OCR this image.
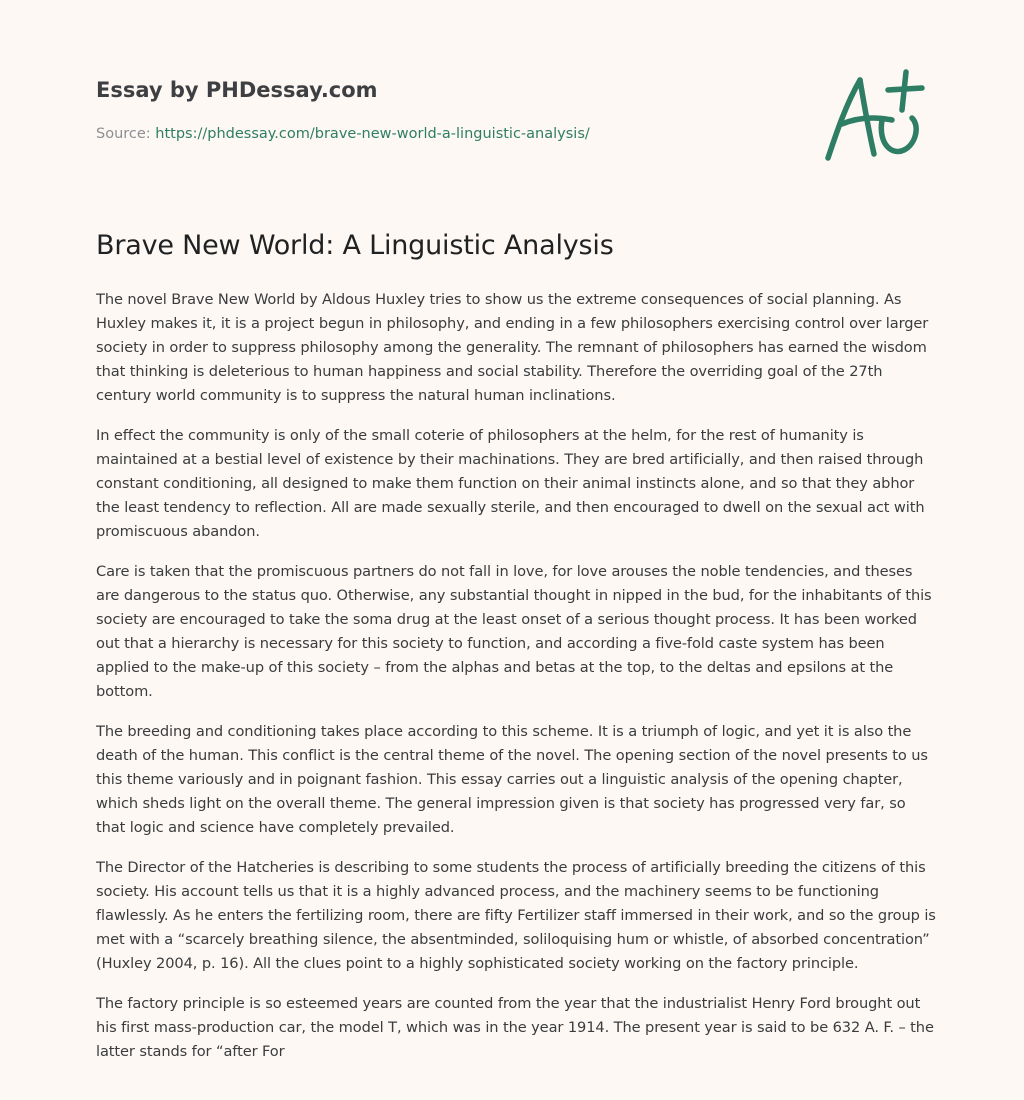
Essay by PHDessay.com
Source: https://phdessay.com/brave-new-world-a-linguistic-analysis/
Brave New World: A Linguistic Analysis

The novel Brave New World by Aldous Huxley tries to show us the extreme consequences of social planning. As Huxley makes it, it is a project begun in philosophy, and ending in a few philosophers exercising control over larger society in order to suppress philosophy among the generality. The remnant of philosophers has earned the wisdom that thinking is deleterious to human happiness and social stability. Therefore the overriding goal of the 27th century world community is to suppress the natural human inclinations.

In effect the community is only of the small coterie of philosophers at the helm, for the rest of humanity is maintained at a bestial level of existence by their machinations. They are bred artificially, and then raised through constant conditioning, all designed to make them function on their animal instincts alone, and so that they abhor the least tendency to reflection. All are made sexually sterile, and then encouraged to dwell on the sexual act with promiscuous abandon.

Care is taken that the promiscuous partners do not fall in love, for love arouses the noble tendencies, and theses are dangerous to the status quo. Otherwise, any substantial thought in nipped in the bud, for the inhabitants of this society are encouraged to take the soma drug at the least onset of a serious thought process. It has been worked out that a hierarchy is necessary for this society to function, and according a five-fold caste system has been applied to the make-up of this society – from the alphas and betas at the top, to the deltas and epsilons at the bottom.

The breeding and conditioning takes place according to this scheme. It is a triumph of logic, and yet it is also the death of the human. This conflict is the central theme of the novel. The opening section of the novel presents to us this theme variously and in poignant fashion. This essay carries out a linguistic analysis of the opening chapter, which sheds light on the overall theme. The general impression given is that society has progressed very far, so that logic and science have completely prevailed.

The Director of the Hatcheries is describing to some students the process of artificially breeding the citizens of this society. His account tells us that it is a highly advanced process, and the machinery seems to be functioning flawlessly. As he enters the fertilizing room, there are fifty Fertilizer staff immersed in their work, and so the group is met with a “scarcely breathing silence, the absentminded, soliloquising hum or whistle, of absorbed concentration” (Huxley 2004, p. 16). All the clues point to a highly sophisticated society working on the factory principle.

The factory principle is so esteemed years are counted from the year that the industrialist Henry Ford brought out his first mass-production car, the model T, which was in the year 1914. The present year is said to be 632 A. F. – the latter stands for “after For
